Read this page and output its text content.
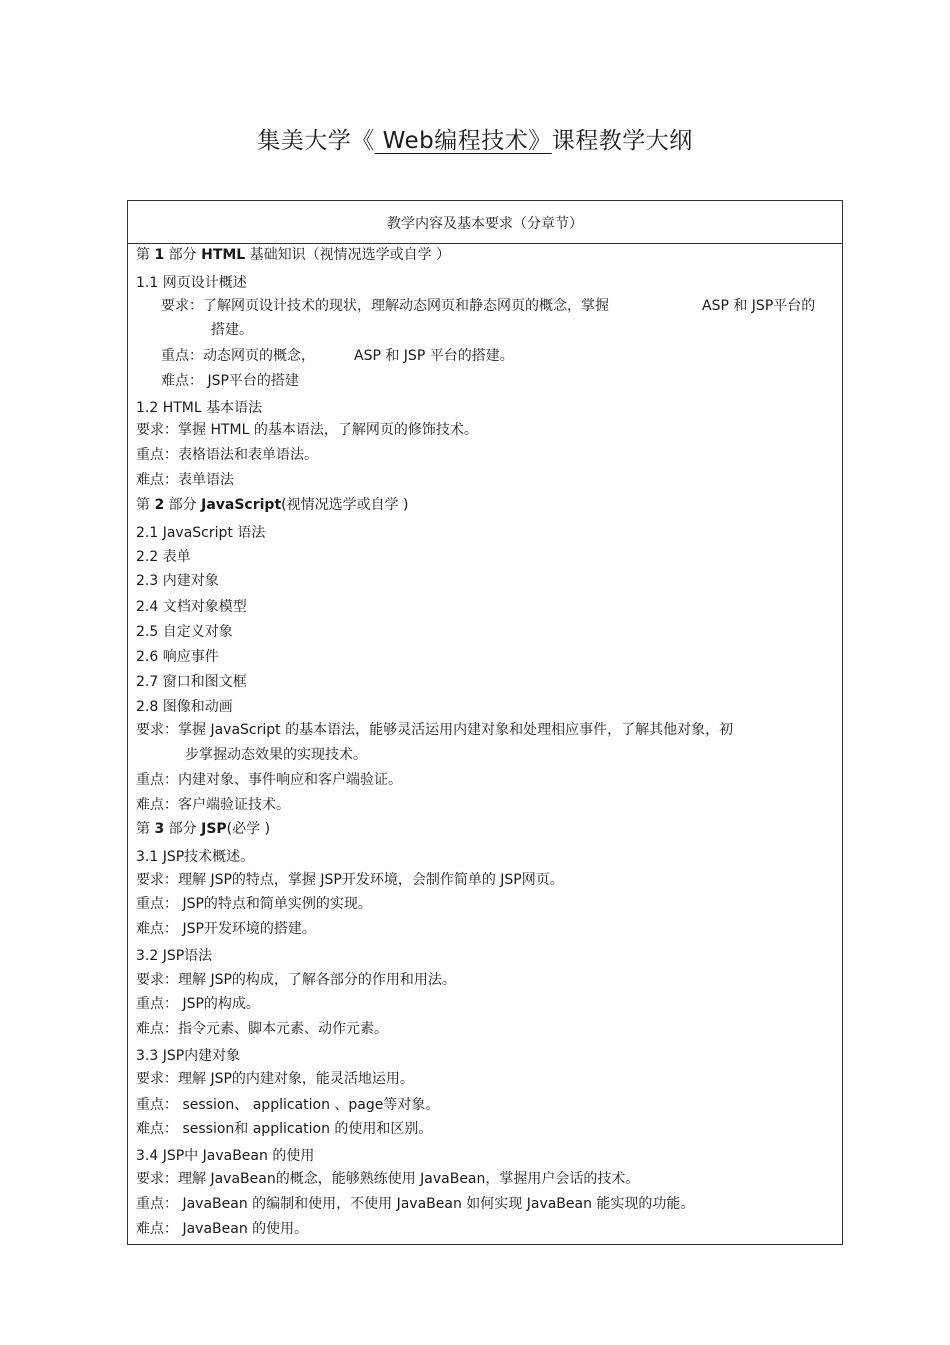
集美大学《 Web编程技术》课程教学大纲
教学内容及基本要求（分章节）
第 1 部分 HTML 基础知识（视情况选学或自学 ）
1.1 网页设计概述
要求：了解网页设计技术的现状，理解动态网页和静态网页的概念，掌握	ASP 和 JSP平台的
搭建。
重点：动态网页的概念，	ASP 和 JSP 平台的搭建。
难点： JSP平台的搭建
1.2 HTML 基本语法
要求：掌握 HTML 的基本语法，了解网页的修饰技术。
重点：表格语法和表单语法。
难点：表单语法
第 2 部分 JavaScript(视情况选学或自学 )
2.1 JavaScript 语法
2.2 表单
2.3 内建对象
2.4 文档对象模型
2.5 自定义对象
2.6 响应事件
2.7 窗口和图文框
2.8 图像和动画
要求：掌握 JavaScript 的基本语法，能够灵活运用内建对象和处理相应事件，了解其他对象，初
步掌握动态效果的实现技术。
重点：内建对象、事件响应和客户端验证。
难点：客户端验证技术。
第 3 部分 JSP(必学 )
3.1 JSP技术概述。
要求：理解 JSP的特点，掌握 JSP开发环境，会制作简单的 JSP网页。
重点： JSP的特点和简单实例的实现。
难点： JSP开发环境的搭建。
3.2 JSP语法
要求：理解 JSP的构成，了解各部分的作用和用法。
重点： JSP的构成。
难点：指令元素、脚本元素、动作元素。
3.3 JSP内建对象
要求：理解 JSP的内建对象，能灵活地运用。
重点： session、 application 、page等对象。
难点： session和 application 的使用和区别。
3.4 JSP中 JavaBean 的使用
要求：理解 JavaBean的概念，能够熟练使用 JavaBean，掌握用户会话的技术。
重点： JavaBean 的编制和使用，不使用 JavaBean 如何实现 JavaBean 能实现的功能。
难点： JavaBean 的使用。
